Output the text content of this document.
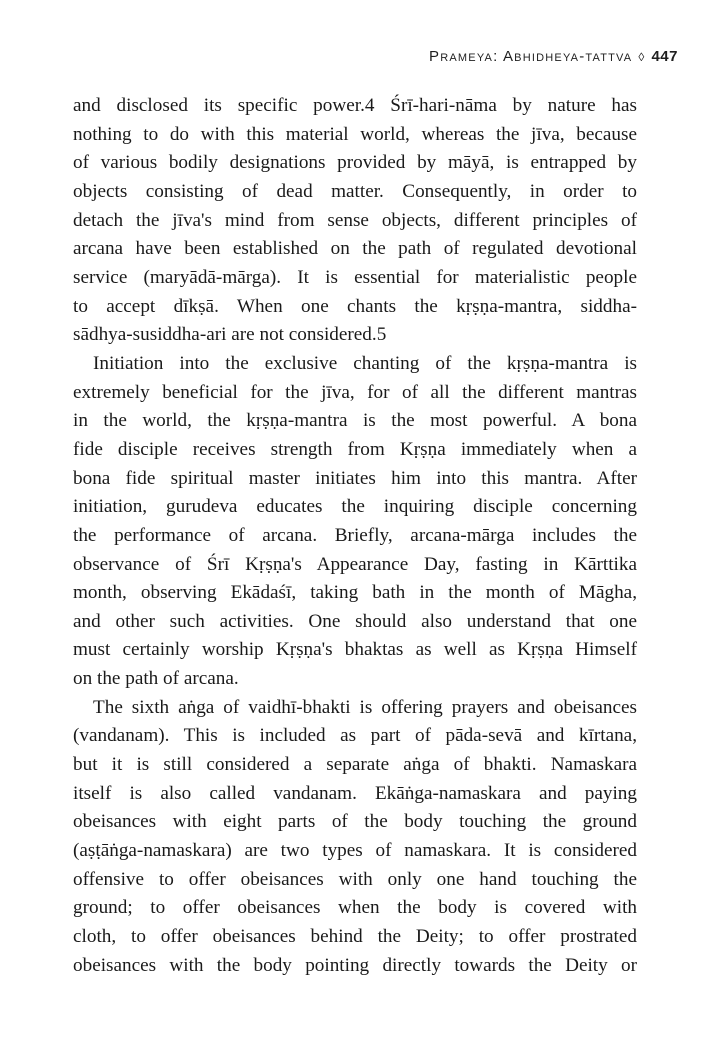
Prameya: Abhidheya-tattva ◊ 447
and disclosed its specific power.4 Śrī-hari-nāma by nature has
nothing to do with this material world, whereas the jīva, because
of various bodily designations provided by māyā, is entrapped by
objects consisting of dead matter. Consequently, in order to
detach the jīva's mind from sense objects, different principles of
arcana have been established on the path of regulated devotional
service (maryādā-mārga). It is essential for materialistic people
to accept dīkṣā. When one chants the kṛṣṇa-mantra, siddha-
sādhya-susiddha-ari are not considered.5
Initiation into the exclusive chanting of the kṛṣṇa-mantra is
extremely beneficial for the jīva, for of all the different mantras
in the world, the kṛṣṇa-mantra is the most powerful. A bona
fide disciple receives strength from Kṛṣṇa immediately when a
bona fide spiritual master initiates him into this mantra. After
initiation, gurudeva educates the inquiring disciple concerning
the performance of arcana. Briefly, arcana-mārga includes the
observance of Śrī Kṛṣṇa's Appearance Day, fasting in Kārttika
month, observing Ekādaśī, taking bath in the month of Māgha,
and other such activities. One should also understand that one
must certainly worship Kṛṣṇa's bhaktas as well as Kṛṣṇa Himself
on the path of arcana.
The sixth aṅga of vaidhī-bhakti is offering prayers and obeisances
(vandanam). This is included as part of pāda-sevā and kīrtana,
but it is still considered a separate aṅga of bhakti. Namaskara
itself is also called vandanam. Ekāṅga-namaskara and paying
obeisances with eight parts of the body touching the ground
(aṣṭāṅga-namaskara) are two types of namaskara. It is considered
offensive to offer obeisances with only one hand touching the
ground; to offer obeisances when the body is covered with
cloth, to offer obeisances behind the Deity; to offer prostrated
obeisances with the body pointing directly towards the Deity or
